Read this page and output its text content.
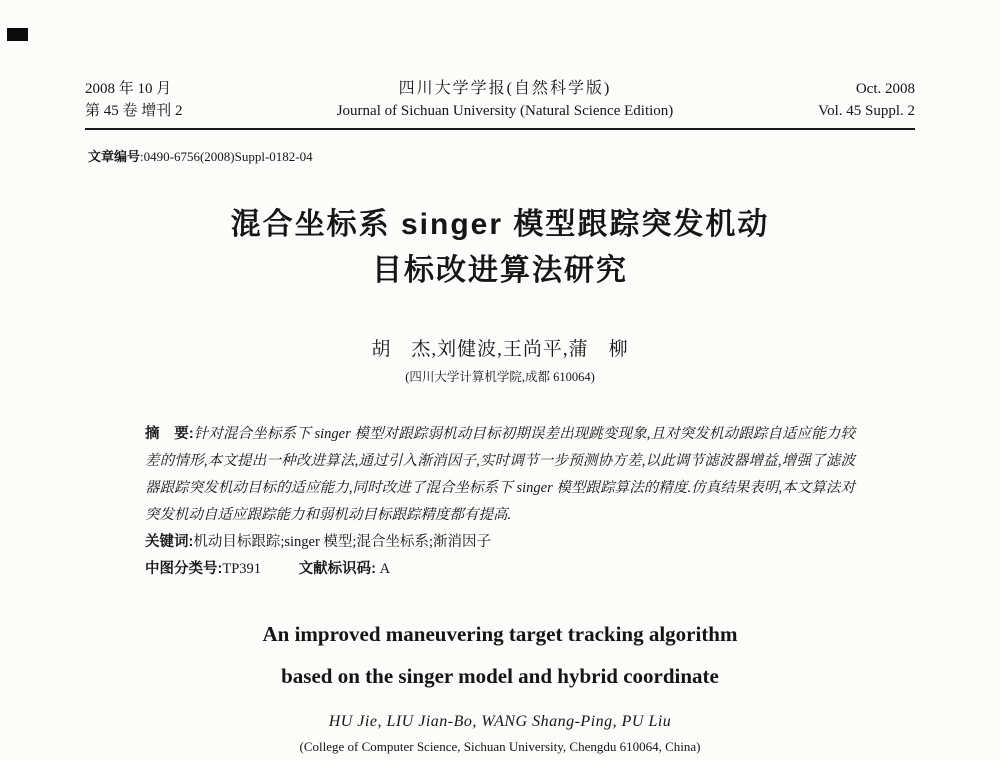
2008 年 10 月
第 45 卷 增刊 2
四川大学学报(自然科学版)
Journal of Sichuan University (Natural Science Edition)
Oct. 2008
Vol. 45 Suppl. 2

文章编号:0490-6756(2008)Suppl-0182-04

混合坐标系 singer 模型跟踪突发机动
目标改进算法研究

胡　杰,刘健波,王尚平,蒲　柳

(四川大学计算机学院,成都 610064)

摘　要:针对混合坐标系下 singer 模型对跟踪弱机动目标初期误差出现跳变现象,且对突发机动跟踪自适应能力较差的情形,本文提出一种改进算法,通过引入渐消因子,实时调节一步预测协方差,以此调节滤波器增益,增强了滤波器跟踪突发机动目标的适应能力,同时改进了混合坐标系下 singer 模型跟踪算法的精度.仿真结果表明,本文算法对突发机动自适应跟踪能力和弱机动目标跟踪精度都有提高.
关键词:机动目标跟踪;singer 模型;混合坐标系;渐消因子
中图分类号:TP391	文献标识码: A
An improved maneuvering target tracking algorithm
based on the singer model and hybrid coordinate

HU Jie, LIU Jian-Bo, WANG Shang-Ping, PU Liu

(College of Computer Science, Sichuan University, Chengdu 610064, China)
